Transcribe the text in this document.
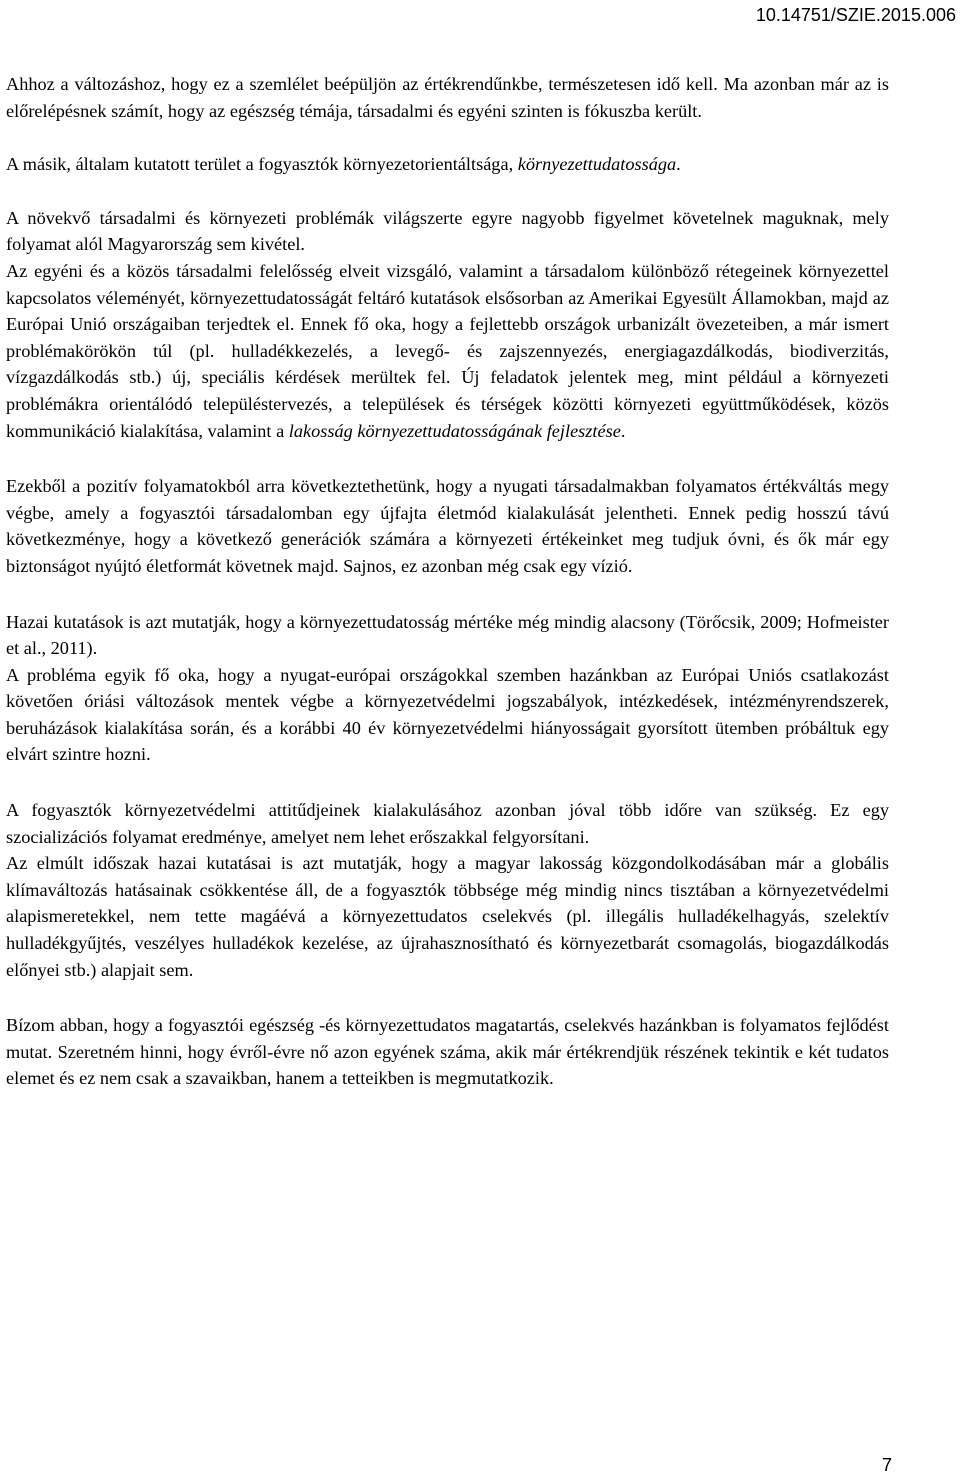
10.14751/SZIE.2015.006

Ahhoz a változáshoz, hogy ez a szemlélet beépüljön az értékrendűnkbe, természetesen idő kell. Ma azonban már az is előrelépésnek számít, hogy az egészség témája, társadalmi és egyéni szinten is fókuszba került.

A másik, általam kutatott terület a fogyasztók környezetorientáltsága, környezettudatossága.

A növekvő társadalmi és környezeti problémák világszerte egyre nagyobb figyelmet követelnek maguknak, mely folyamat alól Magyarország sem kivétel.

Az egyéni és a közös társadalmi felelősség elveit vizsgáló, valamint a társadalom különböző rétegeinek környezettel kapcsolatos véleményét, környezettudatosságát feltáró kutatások elsősorban az Amerikai Egyesült Államokban, majd az Európai Unió országaiban terjedtek el. Ennek fő oka, hogy a fejlettebb országok urbanizált övezeteiben, a már ismert problémakörökön túl (pl. hulladékkezelés, a levegő- és zajszennyezés, energiagazdálkodás, biodiverzitás, vízgazdálkodás stb.) új, speciális kérdések merültek fel. Új feladatok jelentek meg, mint például a környezeti problémákra orientálódó településtervezés, a települések és térségek közötti környezeti együttműködések, közös kommunikáció kialakítása, valamint a lakosság környezettudatosságának fejlesztése.

Ezekből a pozitív folyamatokból arra következtethetünk, hogy a nyugati társadalmakban folyamatos értékváltás megy végbe, amely a fogyasztói társadalomban egy újfajta életmód kialakulását jelentheti. Ennek pedig hosszú távú következménye, hogy a következő generációk számára a környezeti értékeinket meg tudjuk óvni, és ők már egy biztonságot nyújtó életformát követnek majd. Sajnos, ez azonban még csak egy vízió.

Hazai kutatások is azt mutatják, hogy a környezettudatosság mértéke még mindig alacsony (Törőcsik, 2009; Hofmeister et al., 2011).

A probléma egyik fő oka, hogy a nyugat-európai országokkal szemben hazánkban az Európai Uniós csatlakozást követően óriási változások mentek végbe a környezetvédelmi jogszabályok, intézkedések, intézményrendszerek, beruházások kialakítása során, és a korábbi 40 év környezetvédelmi hiányosságait gyorsított ütemben próbáltuk egy elvárt szintre hozni.

A fogyasztók környezetvédelmi attitűdjeinek kialakulásához azonban jóval több időre van szükség. Ez egy szocializációs folyamat eredménye, amelyet nem lehet erőszakkal felgyorsítani.

Az elmúlt időszak hazai kutatásai is azt mutatják, hogy a magyar lakosság közgondolkodásában már a globális klímaváltozás hatásainak csökkentése áll, de a fogyasztók többsége még mindig nincs tisztában a környezetvédelmi alapismeretekkel, nem tette magáévá a környezettudatos cselekvés (pl. illegális hulladékelhagyás, szelektív hulladékgyűjtés, veszélyes hulladékok kezelése, az újrahasznosítható és környezetbarát csomagolás, biogazdálkodás előnyei stb.) alapjait sem.

Bízom abban, hogy a fogyasztói egészség -és környezettudatos magatartás, cselekvés hazánkban is folyamatos fejlődést mutat. Szeretném hinni, hogy évről-évre nő azon egyének száma, akik már értékrendjük részének tekintik e két tudatos elemet és ez nem csak a szavaikban, hanem a tetteikben is megmutatkozik.

7
